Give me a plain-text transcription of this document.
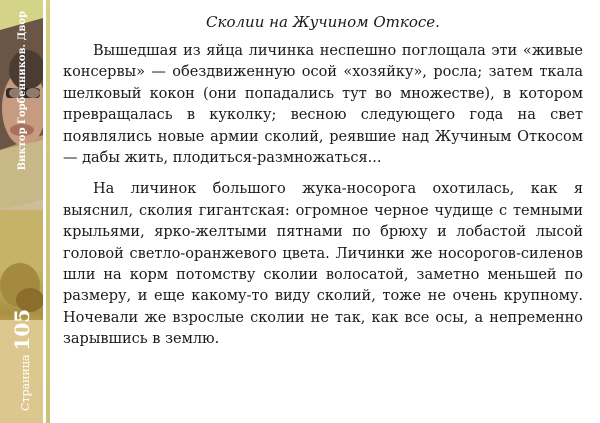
Страница
105
Виктор Горбенников. Двор	Сколии на Жучином Откосе.

Вышедшая из яйца личинка неспешно поглощала эти «живые консервы» — обездвиженную осой «хозяйку», росла; затем ткала шелковый кокон (они попадались тут во множестве), в котором превращалась в куколку; весною следующего года на свет появлялись новые армии сколий, реявшие над Жучиным Откосом — дабы жить, плодиться-размножаться...

На личинок большого жука-носорога охотилась, как я выяснил, сколия гигантская: огромное черное чудище с темными крыльями, ярко-желтыми пятнами по брюху и лобастой лысой головой светло-оранжевого цвета. Личинки же носорогов-силенов шли на корм потомству сколии волосатой, заметно меньшей по размеру, и еще какому-то виду сколий, тоже не очень крупному. Ночевали же взрослые сколии не так, как все осы, а непременно зарывшись в землю.
